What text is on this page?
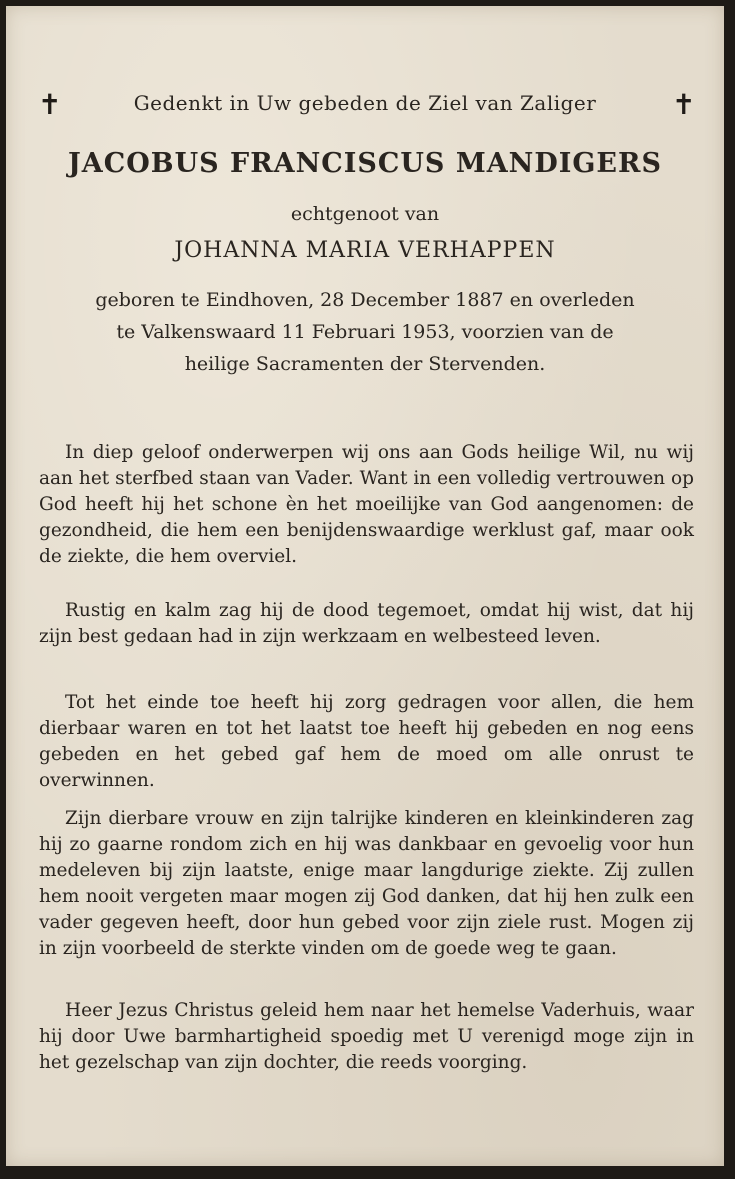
✝	✝
Gedenkt in Uw gebeden de Ziel van Zaliger
JACOBUS FRANCISCUS MANDIGERS
echtgenoot van
JOHANNA MARIA VERHAPPEN
geboren te Eindhoven, 28 December 1887 en overleden
te Valkenswaard 11 Februari 1953, voorzien van de
heilige Sacramenten der Stervenden.

In diep geloof onderwerpen wij ons aan Gods heilige Wil, nu wij aan het sterfbed staan van Vader. Want in een volledig vertrouwen op God heeft hij het schone èn het moeilijke van God aangenomen: de gezondheid, die hem een benijdenswaardige werklust gaf, maar ook de ziekte, die hem overviel.

Rustig en kalm zag hij de dood tegemoet, omdat hij wist, dat hij zijn best gedaan had in zijn werkzaam en welbesteed leven.

Tot het einde toe heeft hij zorg gedragen voor allen, die hem dierbaar waren en tot het laatst toe heeft hij gebeden en nog eens gebeden en het gebed gaf hem de moed om alle onrust te overwinnen.

Zijn dierbare vrouw en zijn talrijke kinderen en kleinkinderen zag hij zo gaarne rondom zich en hij was dankbaar en gevoelig voor hun medeleven bij zijn laatste, enige maar langdurige ziekte. Zij zullen hem nooit vergeten maar mogen zij God danken, dat hij hen zulk een vader gegeven heeft, door hun gebed voor zijn ziele rust. Mogen zij in zijn voorbeeld de sterkte vinden om de goede weg te gaan.

Heer Jezus Christus geleid hem naar het hemelse Vaderhuis, waar hij door Uwe barmhartigheid spoedig met U verenigd moge zijn in het gezelschap van zijn dochter, die reeds voorging.
